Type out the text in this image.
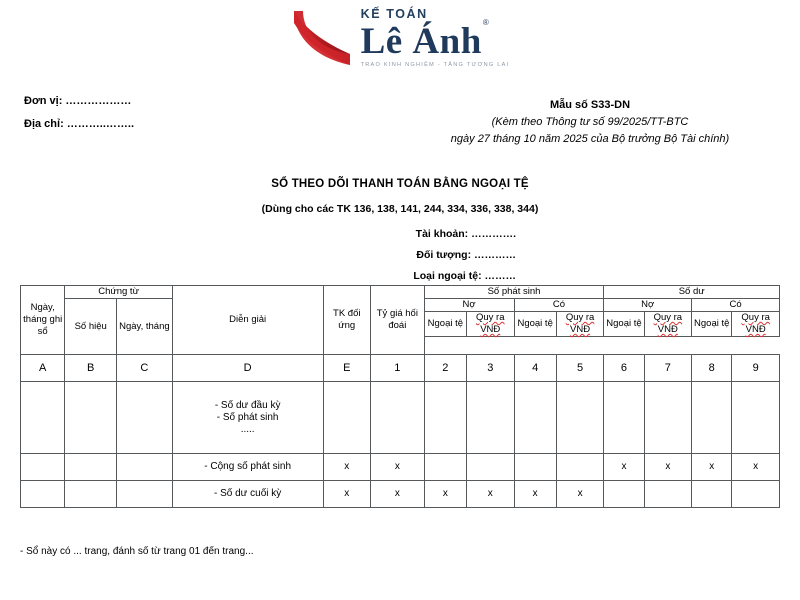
KẾ TOÁN
Lê Ánh®
TRAO KINH NGHIỆM - TĂNG TƯƠNG LAI
Đơn vị: ………………
Địa chỉ: ………..……..
Mẫu số S33-DN
(Kèm theo Thông tư số 99/2025/TT-BTC
ngày 27 tháng 10 năm 2025 của Bộ trưởng Bộ Tài chính)
SỔ THEO DÕI THANH TOÁN BẰNG NGOẠI TỆ
(Dùng cho các TK 136, 138, 141, 244, 334, 336, 338, 344)
Tài khoản: ………….
Đối tượng: …………
Loại ngoại tệ: ………
Ngày, tháng ghi sổ	Chứng từ		Diễn giải	TK đối ứng	Tỷ giá hối đoái	Số phát sinh				Số dư			
	Số hiệu	Ngày, tháng				Nợ		Có		Nợ		Có	
						Ngoại tệ	Quy ra VNĐ	Ngoại tệ	Quy ra VNĐ	Ngoại tệ	Quy ra VNĐ	Ngoại tệ	Quy ra VNĐ

A	B	C	D	E	1	2	3	4	5	6	7	8	9

			- Số dư đầu kỳ
- Số phát sinh
.....										

			- Cộng số phát sinh	x	x					x	x	x	x
			- Số dư cuối kỳ	x	x	x	x	x	x				
- Sổ này có ... trang, đánh số từ trang 01 đến trang...
